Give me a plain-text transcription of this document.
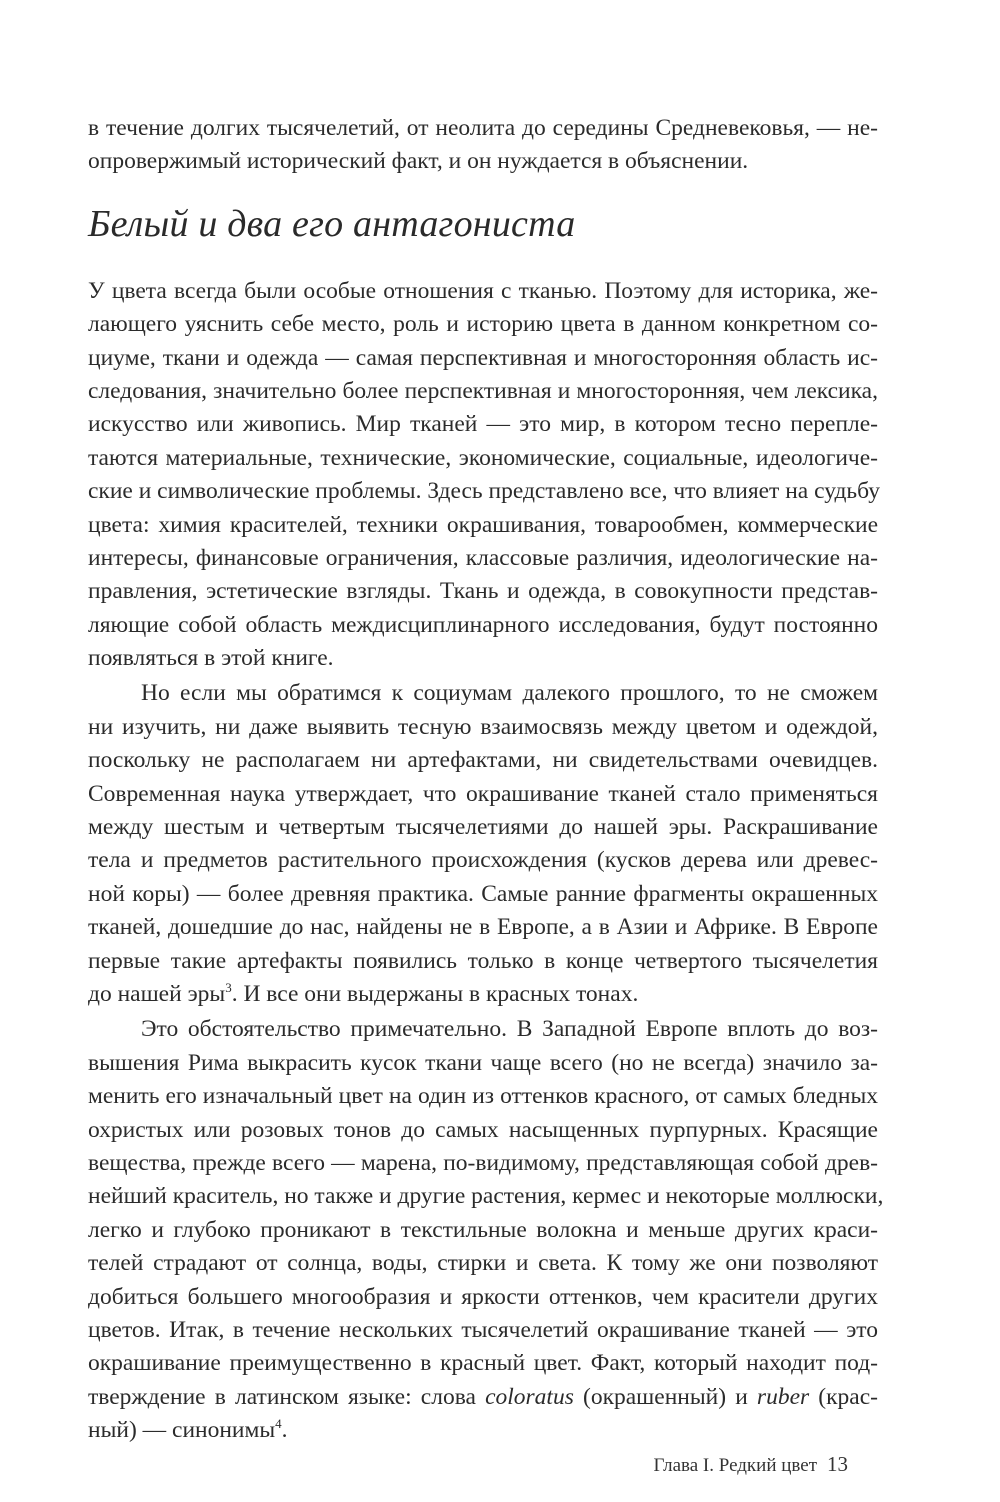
в течение долгих тысячелетий, от неолита до середины Средневековья, — не-
опровержимый исторический факт, и он нуждается в объяснении.
Белый и два его антагониста
У цвета всегда были особые отношения с тканью. Поэтому для историка, же-
лающего уяснить себе место, роль и историю цвета в данном конкретном со-
циуме, ткани и одежда — самая перспективная и многосторонняя область ис-
следования, значительно более перспективная и многосторонняя, чем лексика,
искусство или живопись. Мир тканей — это мир, в котором тесно перепле-
таются материальные, технические, экономические, социальные, идеологиче-
ские и символические проблемы. Здесь представлено все, что влияет на судьбу
цвета: химия красителей, техники окрашивания, товарообмен, коммерческие
интересы, финансовые ограничения, классовые различия, идеологические на-
правления, эстетические взгляды. Ткань и одежда, в совокупности представ-
ляющие собой область междисциплинарного исследования, будут постоянно
появляться в этой книге.
Но если мы обратимся к социумам далекого прошлого, то не сможем
ни изучить, ни даже выявить тесную взаимосвязь между цветом и одеждой,
поскольку не располагаем ни артефактами, ни свидетельствами очевидцев.
Современная наука утверждает, что окрашивание тканей стало применяться
между шестым и четвертым тысячелетиями до нашей эры. Раскрашивание
тела и предметов растительного происхождения (кусков дерева или древес-
ной коры) — более древняя практика. Самые ранние фрагменты окрашенных
тканей, дошедшие до нас, найдены не в Европе, а в Азии и Африке. В Европе
первые такие артефакты появились только в конце четвертого тысячелетия
до нашей эры$^3$. И все они выдержаны в красных тонах.
Это обстоятельство примечательно. В Западной Европе вплоть до воз-
вышения Рима выкрасить кусок ткани чаще всего (но не всегда) значило за-
менить его изначальный цвет на один из оттенков красного, от самых бледных
охристых или розовых тонов до самых насыщенных пурпурных. Красящие
вещества, прежде всего — марена, по-видимому, представляющая собой древ-
нейший краситель, но также и другие растения, кермес и некоторые моллюски,
легко и глубоко проникают в текстильные волокна и меньше других краси-
телей страдают от солнца, воды, стирки и света. К тому же они позволяют
добиться большего многообразия и яркости оттенков, чем красители других
цветов. Итак, в течение нескольких тысячелетий окрашивание тканей — это
окрашивание преимущественно в красный цвет. Факт, который находит под-
тверждение в латинском языке: слова coloratus (окрашенный) и ruber (крас-
ный) — синонимы$^4$.
Глава I. Редкий цвет 13
